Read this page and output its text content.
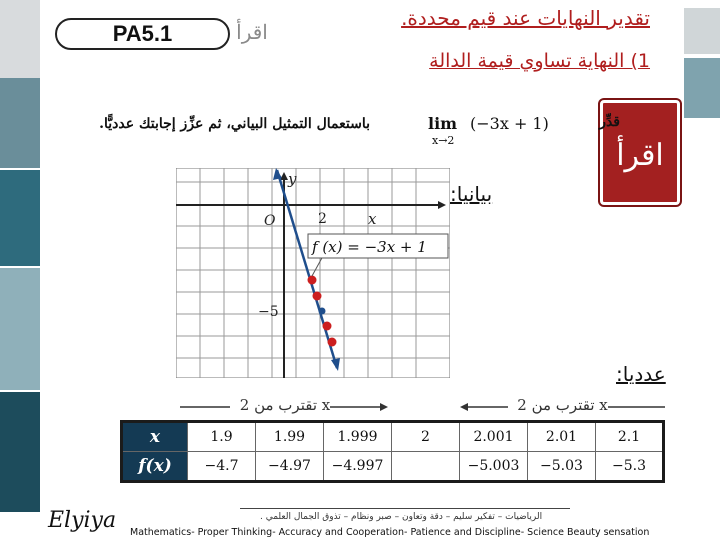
PA5.1	اقرأ
تقدير النهايات عند قيم محددة.
1) النهاية تساوي قيمة الدالة
اقرأ
قدِّر
(−3x + 1)
lim
x→2
باستعمال التمثيل البياني، ثم عزِّز إجابتك عدديًّا.
x
y
O	2
−5
f (x) = −3x + 1
بيانيا:
عدديا:
x تقترب من 2	x تقترب من 2
x	1.9	1.99	1.999	2	2.001	2.01	2.1
f(x)	−4.7	−4.97	−4.997		−5.003	−5.03	−5.3
الرياضيات – تفكير سليم – دقة وتعاون – صبر ونظام – تذوق الجمال العلمي .
Mathematics- Proper Thinking- Accuracy and Cooperation- Patience and Discipline- Science Beauty sensation
Elyiya
